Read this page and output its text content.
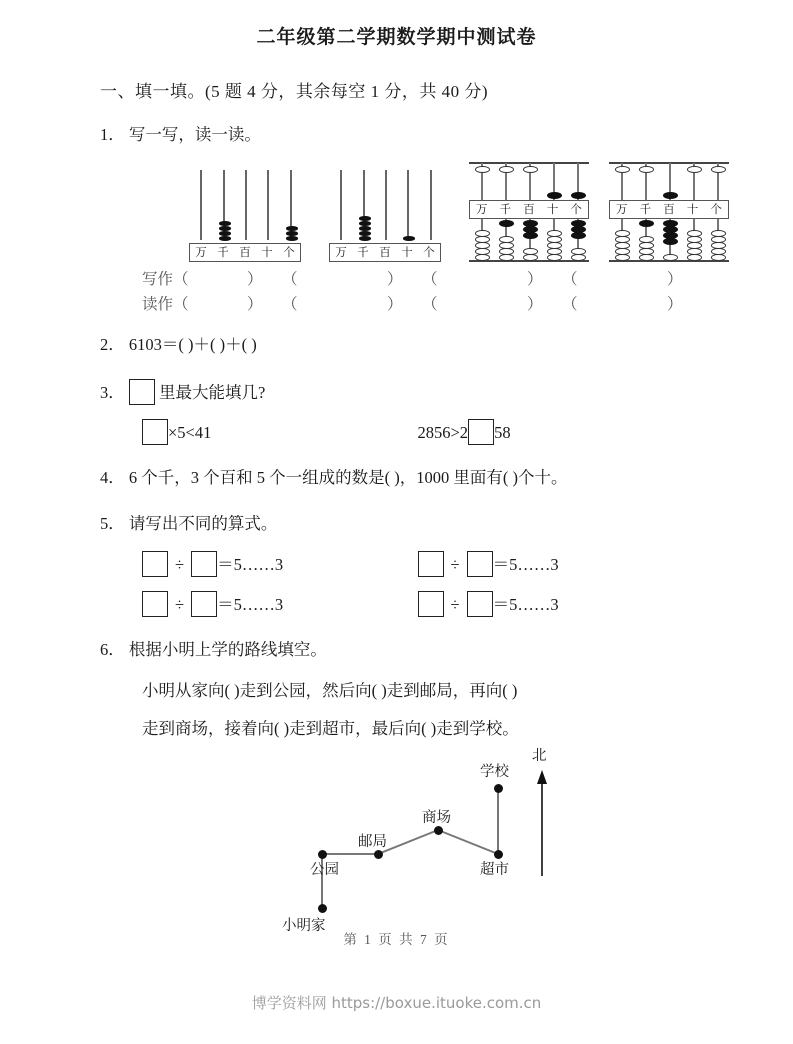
二年级第二学期数学期中测试卷
一、填一填。(5 题 4 分，其余每空 1 分，共 40 分)
1． 写一写，读一读。
万 千 百 十 个	万 千 百 十 个
万	千	百	十	个	万	千	百	十	个
写作（	） （	） （	） （	）
读作（	） （	） （	） （	）
2． 6103＝( )＋( )＋( )
3． 里最大能填几?
×5<41	2856>2 58
4． 6 个千，3 个百和 5 个一组成的数是( )，1000 里面有( )个十。
5． 请写出不同的算式。
÷ ＝5……3	÷ ＝5……3
÷ ＝5……3	÷ ＝5……3
6． 根据小明上学的路线填空。
小明从家向( )走到公园，然后向( )走到邮局，再向( )
走到商场，接着向( )走到超市，最后向( )走到学校。
北
小明家
公园
邮局
商场
超市
学校
第 1 页 共 7 页
博学资料网 https://boxue.ituoke.com.cn
